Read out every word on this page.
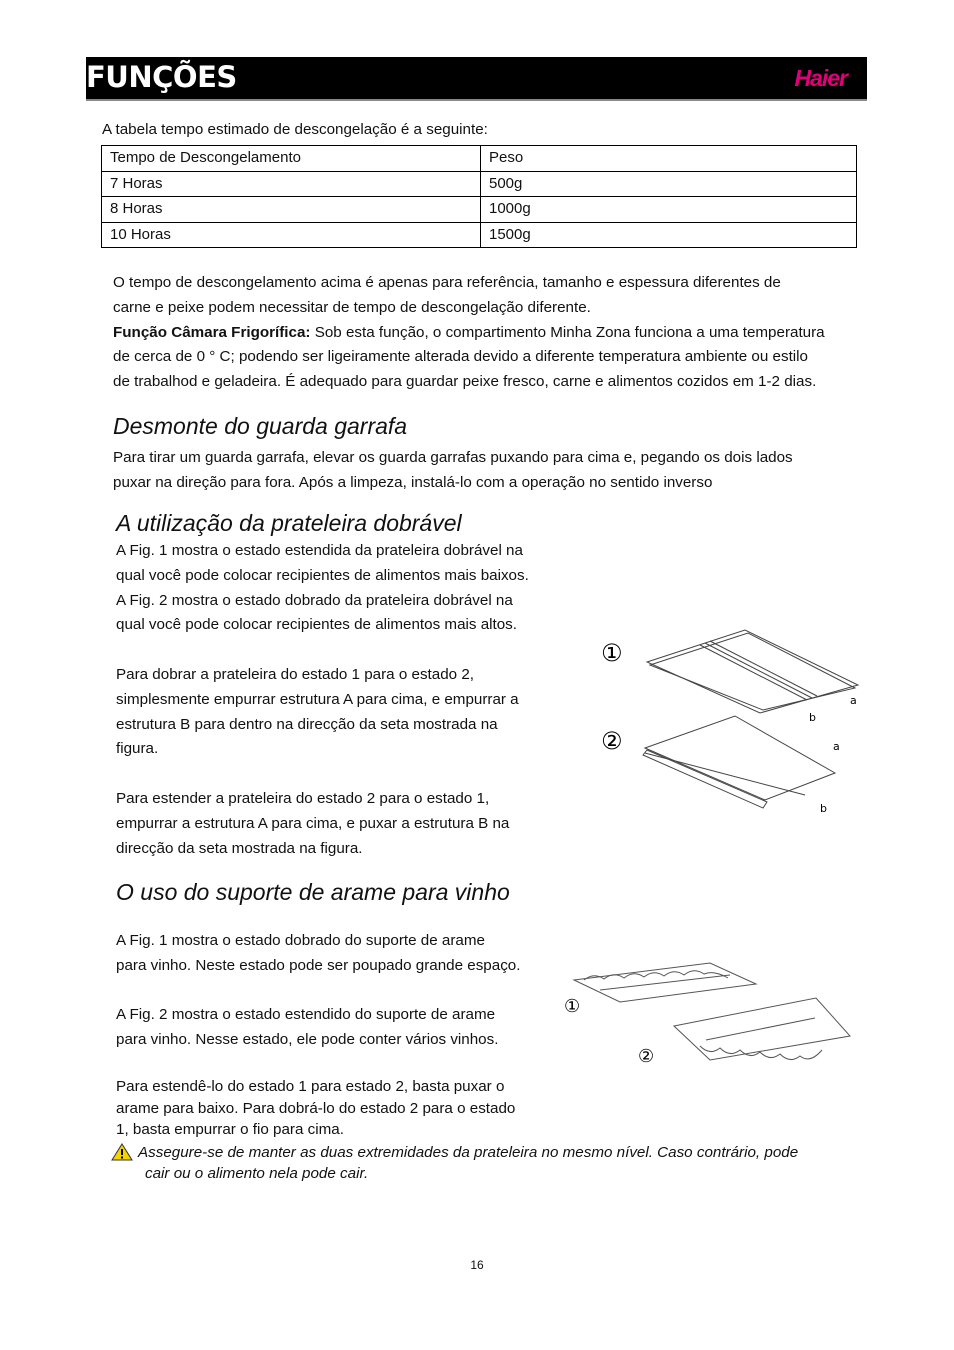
FUNÇÕES	Haier
A tabela tempo estimado de descongelação é a seguinte:
Tempo de Descongelamento	Peso
7 Horas	500g
8 Horas	1000g
10 Horas	1500g
O tempo de descongelamento acima é apenas para referência, tamanho e espessura diferentes de
carne e peixe podem necessitar de tempo de descongelação diferente.
Função Câmara Frigorífica: Sob esta função, o compartimento Minha Zona funciona a uma temperatura
de cerca de 0 ° C; podendo ser ligeiramente alterada devido a diferente temperatura ambiente ou estilo
de trabalhod e geladeira. É adequado para guardar peixe fresco, carne e alimentos cozidos em 1-2 dias.
Desmonte do guarda garrafa
Para tirar um guarda garrafa, elevar os guarda garrafas puxando para cima e, pegando os dois lados
puxar na direção para fora. Após a limpeza, instalá-lo com a operação no sentido inverso
A utilização da prateleira dobrável
A Fig. 1 mostra o estado estendida da prateleira dobrável na
qual você pode colocar recipientes de alimentos mais baixos.
A Fig. 2 mostra o estado dobrado da prateleira dobrável na
qual você pode colocar recipientes de alimentos mais altos.
Para dobrar a prateleira do estado 1 para o estado 2,
simplesmente empurrar estrutura A para cima, e empurrar a
estrutura B para dentro na direcção da seta mostrada na
figura.
Para estender a prateleira do estado 2 para o estado 1,
empurrar a estrutura A para cima, e puxar a estrutura B na
direcção da seta mostrada na figura.
①
a
b
②	a
b
O uso do suporte de arame para vinho
A Fig. 1 mostra o estado dobrado do suporte de arame
para vinho. Neste estado pode ser poupado grande espaço.
A Fig. 2 mostra o estado estendido do suporte de arame
para vinho. Nesse estado, ele pode conter vários vinhos.
Para estendê-lo do estado 1 para estado 2, basta puxar o
arame para baixo. Para dobrá-lo do estado 2 para o estado
1, basta empurrar o fio para cima.
①
②
Assegure-se de manter as duas extremidades da prateleira no mesmo nível. Caso contrário, pode
cair ou o alimento nela pode cair.
16
